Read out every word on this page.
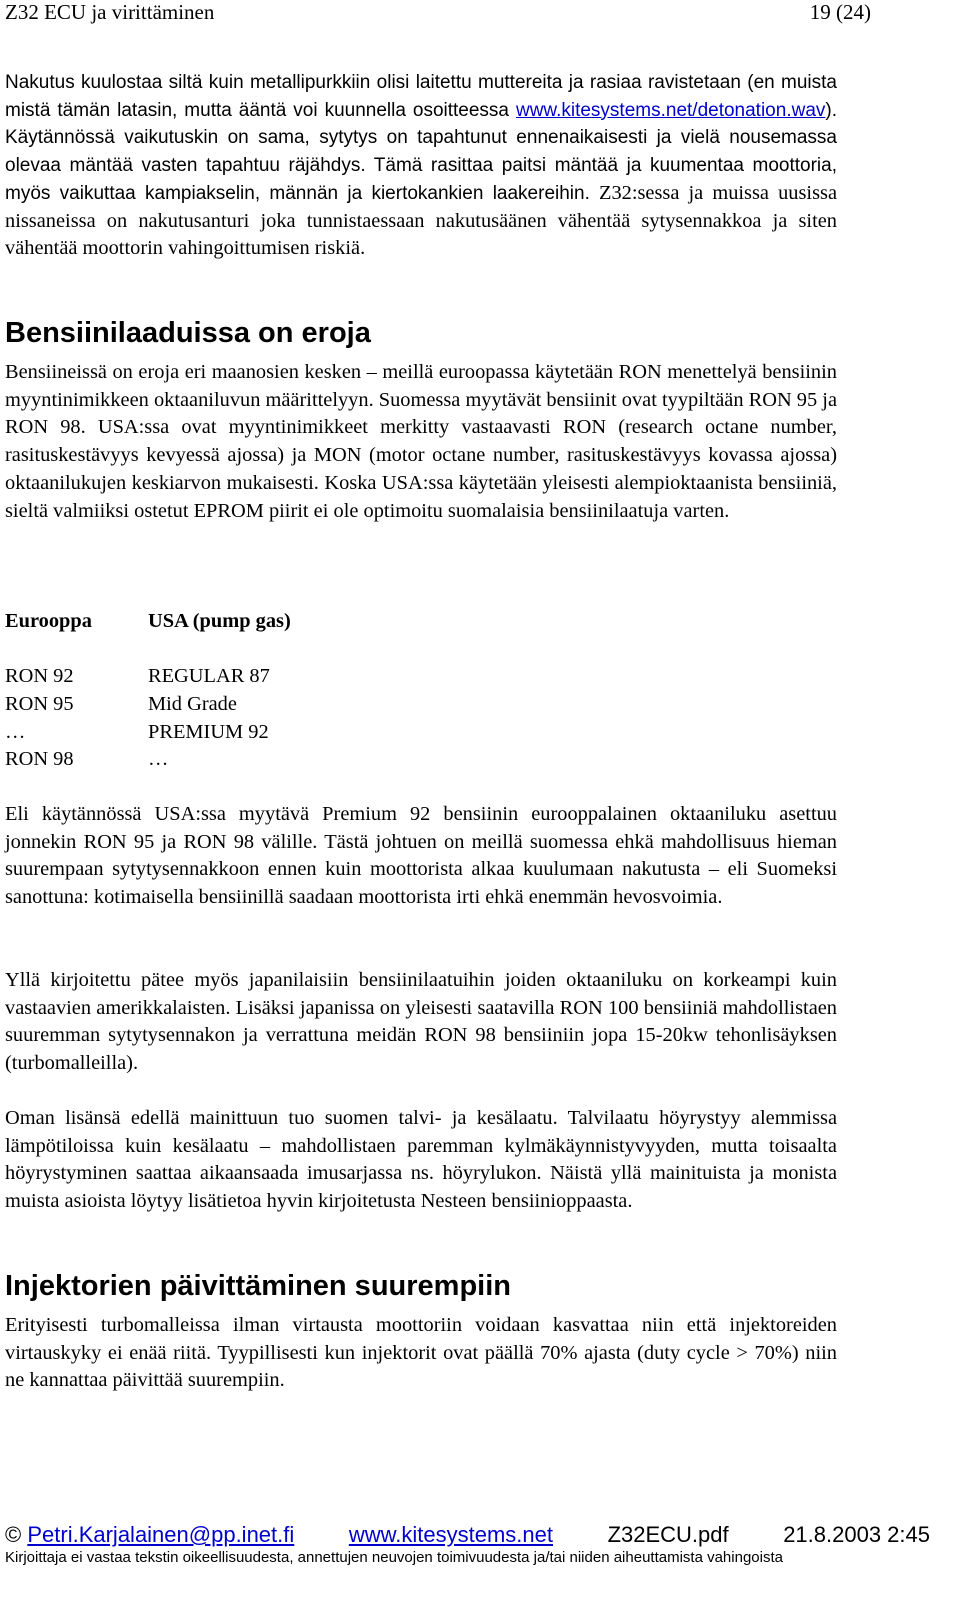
Z32 ECU ja virittäminen	19 (24)

Nakutus kuulostaa siltä kuin metallipurkkiin olisi laitettu muttereita ja rasiaa ravistetaan (en muista mistä tämän latasin, mutta ääntä voi kuunnella osoitteessa www.kitesystems.net/detonation.wav). Käytännössä vaikutuskin on sama, sytytys on tapahtunut ennenaikaisesti ja vielä nousemassa olevaa mäntää vasten tapahtuu räjähdys. Tämä rasittaa paitsi mäntää ja kuumentaa moottoria, myös vaikuttaa kampiakselin, männän ja kiertokankien laakereihin. Z32:sessa ja muissa uusissa nissaneissa on nakutusanturi joka tunnistaessaan nakutusäänen vähentää sytysennakkoa ja siten vähentää moottorin vahingoittumisen riskiä.

Bensiinilaaduissa on eroja

Bensiineissä on eroja eri maanosien kesken – meillä euroopassa käytetään RON menettelyä bensiinin myyntinimikkeen oktaaniluvun määrittelyyn. Suomessa myytävät bensiinit ovat tyypiltään RON 95 ja RON 98. USA:ssa ovat myyntinimikkeet merkitty vastaavasti RON (research octane number, rasituskestävyys kevyessä ajossa) ja MON (motor octane number, rasituskestävyys kovassa ajossa) oktaanilukujen keskiarvon mukaisesti. Koska USA:ssa käytetään yleisesti alempioktaanista bensiiniä, sieltä valmiiksi ostetut EPROM piirit ei ole optimoitu suomalaisia bensiinilaatuja varten.

Eurooppa	USA (pump gas)
RON 92	REGULAR 87
RON 95	Mid Grade
…	PREMIUM 92
RON 98	…

Eli käytännössä USA:ssa myytävä Premium 92 bensiinin eurooppalainen oktaaniluku asettuu jonnekin RON 95 ja RON 98 välille. Tästä johtuen on meillä suomessa ehkä mahdollisuus hieman suurempaan sytytysennakkoon ennen kuin moottorista alkaa kuulumaan nakutusta – eli Suomeksi sanottuna: kotimaisella bensiinillä saadaan moottorista irti ehkä enemmän hevosvoimia.

Yllä kirjoitettu pätee myös japanilaisiin bensiinilaatuihin joiden oktaaniluku on korkeampi kuin vastaavien amerikkalaisten. Lisäksi japanissa on yleisesti saatavilla RON 100 bensiiniä mahdollistaen suuremman sytytysennakon ja verrattuna meidän RON 98 bensiiniin jopa 15-20kw tehonlisäyksen (turbomalleilla).

Oman lisänsä edellä mainittuun tuo suomen talvi- ja kesälaatu. Talvilaatu höyrystyy alemmissa lämpötiloissa kuin kesälaatu – mahdollistaen paremman kylmäkäynnistyvyyden, mutta toisaalta höyrystyminen saattaa aikaansaada imusarjassa ns. höyrylukon. Näistä yllä mainituista ja monista muista asioista löytyy lisätietoa hyvin kirjoitetusta Nesteen bensiinioppaasta.

Injektorien päivittäminen suurempiin

Erityisesti turbomalleissa ilman virtausta moottoriin voidaan kasvattaa niin että injektoreiden virtauskyky ei enää riitä. Tyypillisesti kun injektorit ovat päällä 70% ajasta (duty cycle > 70%) niin ne kannattaa päivittää suurempiin.

© Petri.Karjalainen@pp.inet.fi www.kitesystems.net Z32ECU.pdf 21.8.2003 2:45
Kirjoittaja ei vastaa tekstin oikeellisuudesta, annettujen neuvojen toimivuudesta ja/tai niiden aiheuttamista vahingoista
